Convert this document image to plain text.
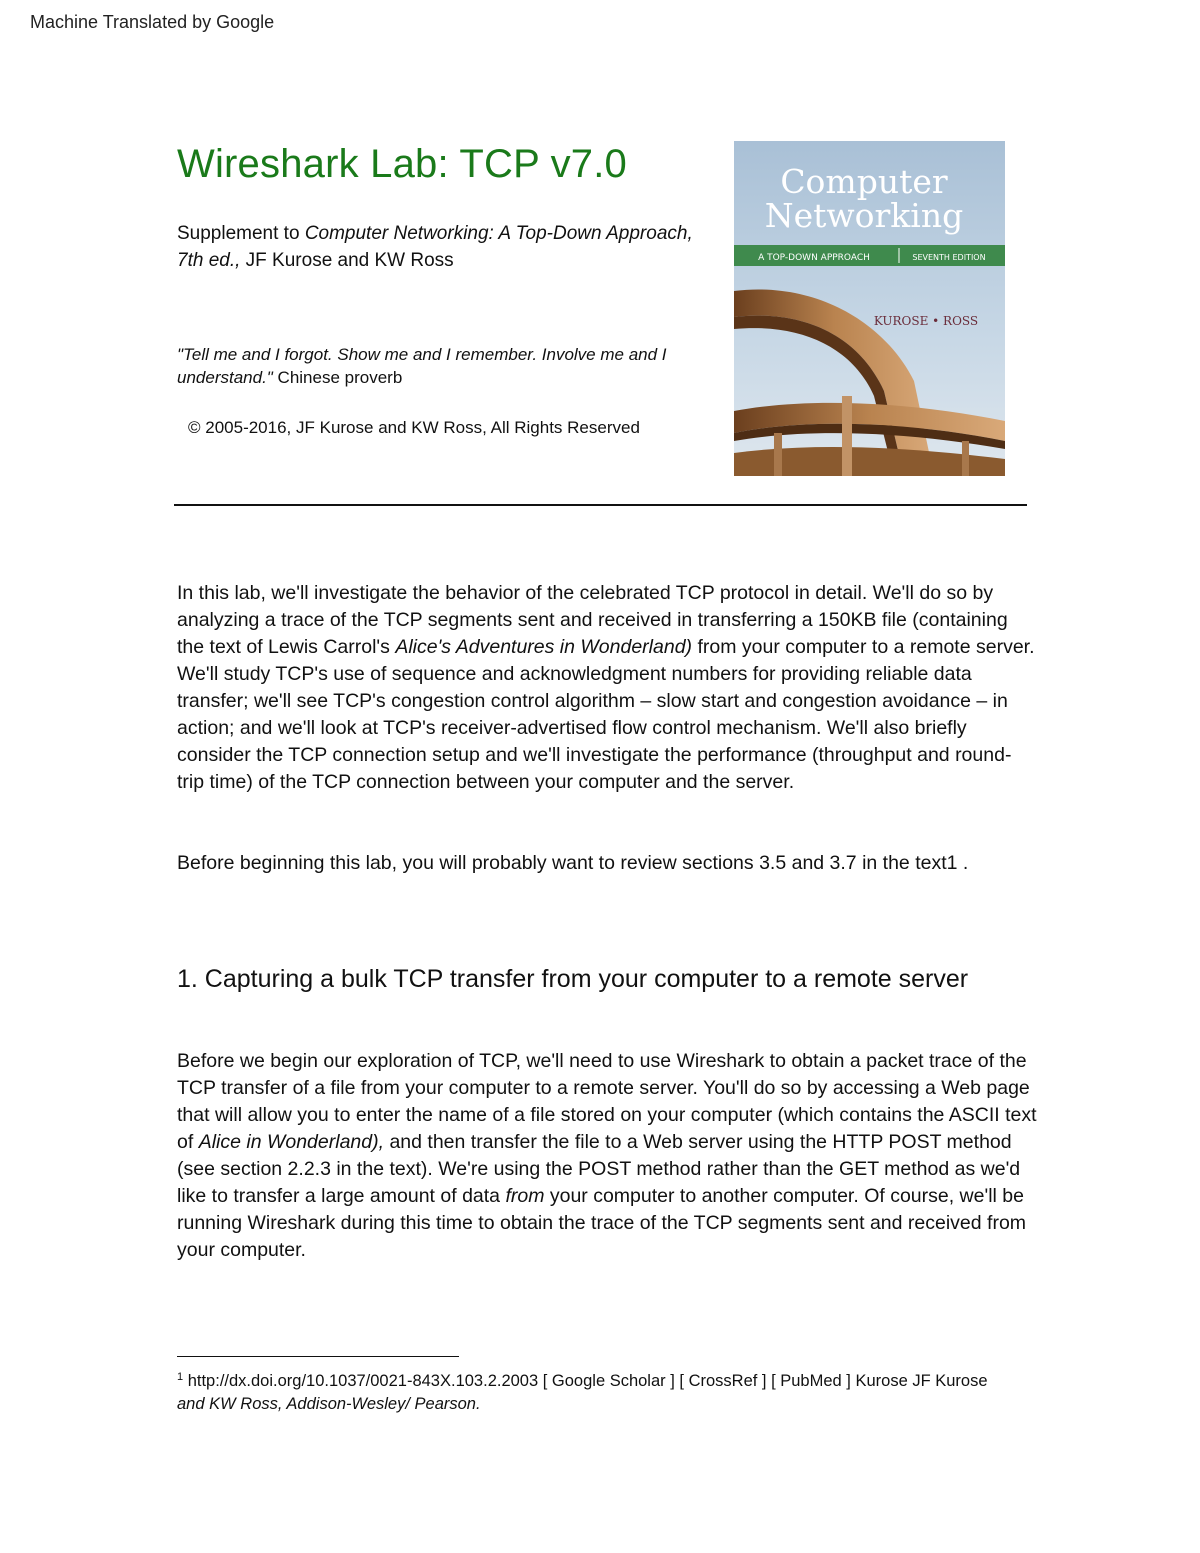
Machine Translated by Google
Wireshark Lab: TCP v7.0
Supplement to Computer Networking: A Top-Down Approach, 7th ed., JF Kurose and KW Ross
"Tell me and I forgot. Show me and I remember. Involve me and I understand." Chinese proverb
© 2005-2016, JF Kurose and KW Ross, All Rights Reserved
Computer
Networking
A TOP-DOWN APPROACH	SEVENTH EDITION
KUROSE • ROSS
In this lab, we'll investigate the behavior of the celebrated TCP protocol in detail. We'll do so by analyzing a trace of the TCP segments sent and received in transferring a 150KB file (containing the text of Lewis Carrol's Alice's Adventures in Wonderland) from your computer to a remote server. We'll study TCP's use of sequence and acknowledgment numbers for providing reliable data transfer; we'll see TCP's congestion control algorithm – slow start and congestion avoidance – in action; and we'll look at TCP's receiver-advertised flow control mechanism. We'll also briefly consider the TCP connection setup and we'll investigate the performance (throughput and round-trip time) of the TCP connection between your computer and the server.
Before beginning this lab, you will probably want to review sections 3.5 and 3.7 in the text1 .
1. Capturing a bulk TCP transfer from your computer to a remote server
Before we begin our exploration of TCP, we'll need to use Wireshark to obtain a packet trace of the TCP transfer of a file from your computer to a remote server. You'll do so by accessing a Web page that will allow you to enter the name of a file stored on your computer (which contains the ASCII text of Alice in Wonderland), and then transfer the file to a Web server using the HTTP POST method (see section 2.2.3 in the text). We're using the POST method rather than the GET method as we'd like to transfer a large amount of data from your computer to another computer. Of course, we'll be running Wireshark during this time to obtain the trace of the TCP segments sent and received from your computer.
$^1$ http://dx.doi.org/10.1037/0021-843X.103.2.2003 [ Google Scholar ] [ CrossRef ] [ PubMed ] Kurose JF Kurose and KW Ross, Addison-Wesley/ Pearson.
